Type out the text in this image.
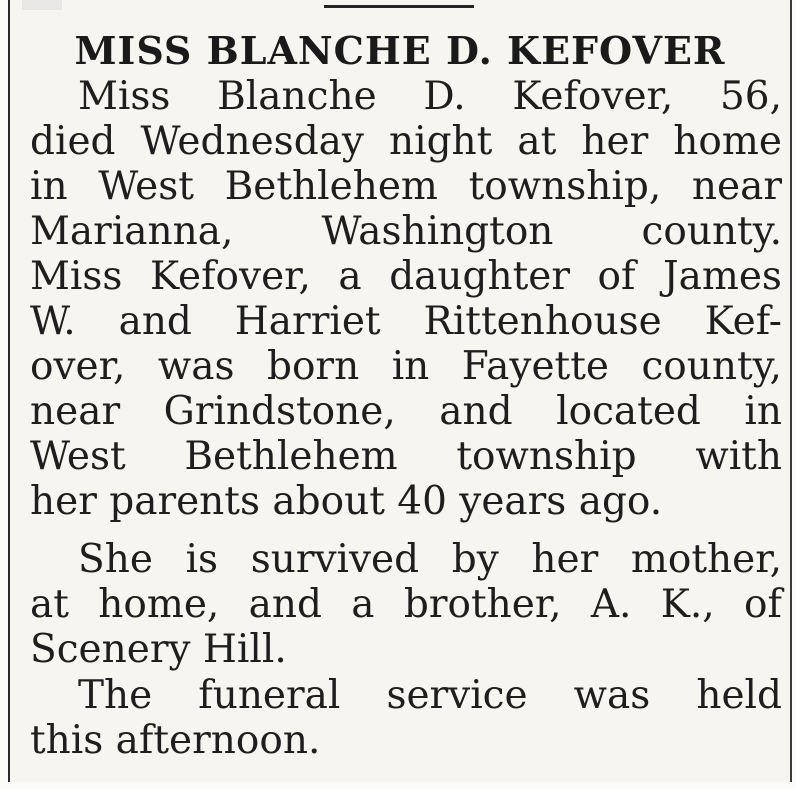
MISS BLANCHE D. KEFOVER
Miss Blanche D. Kefover, 56,
died Wednesday night at her home
in West Bethlehem township, near
Marianna, Washington county.
Miss Kefover, a daughter of James
W. and Harriet Rittenhouse Kef-
over, was born in Fayette county,
near Grindstone, and located in
West Bethlehem township with
her parents about 40 years ago.
She is survived by her mother,
at home, and a brother, A. K., of
Scenery Hill.
The funeral service was held
this afternoon.
